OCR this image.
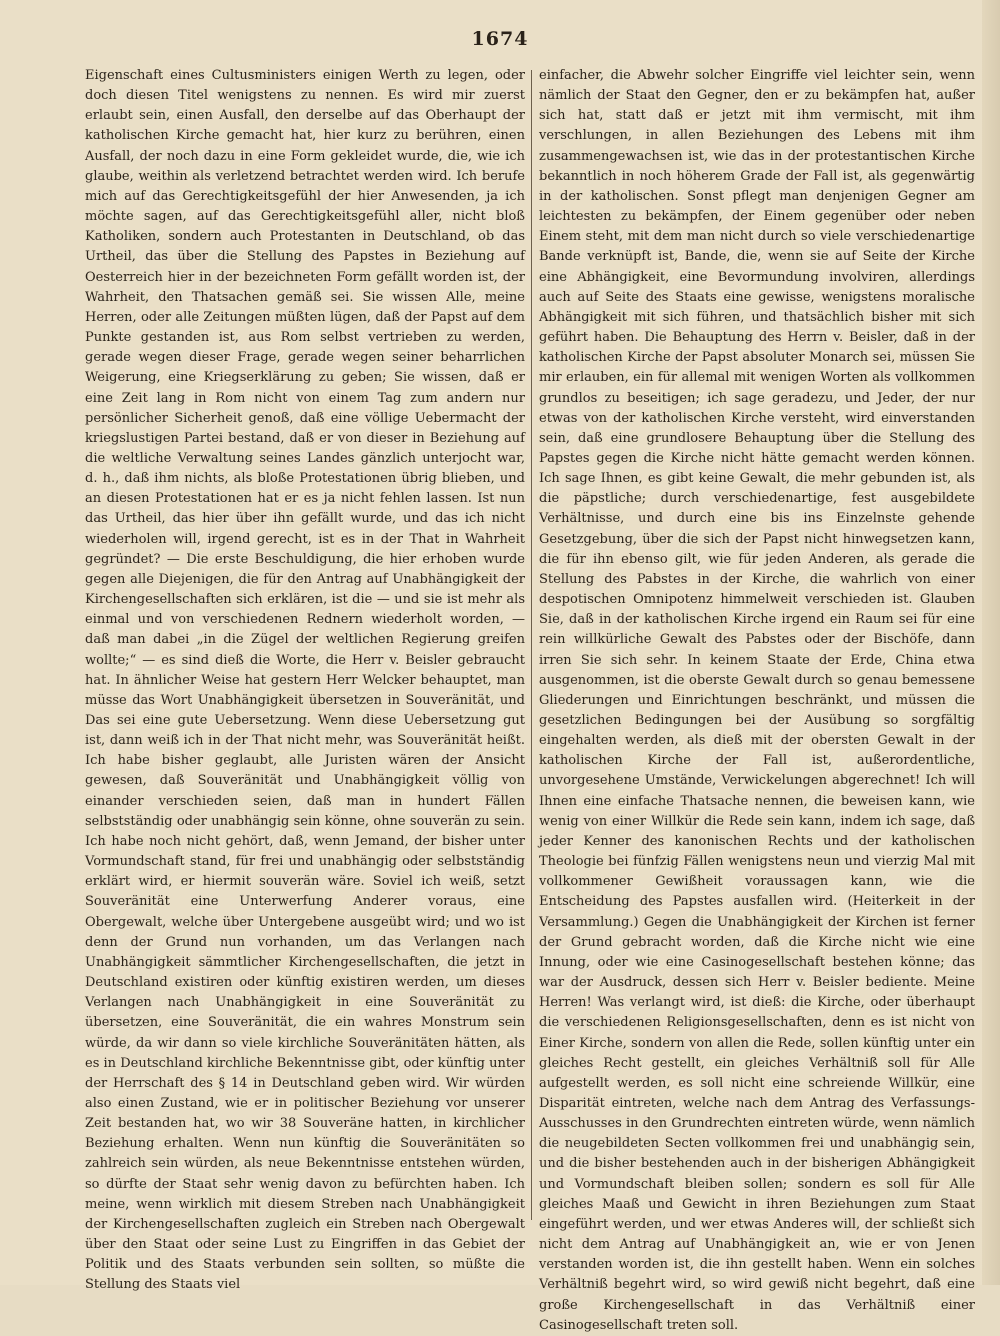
1674

Eigenschaft eines Cultusministers einigen Werth zu legen, oder doch diesen Titel wenigstens zu nennen. Es wird mir zuerst erlaubt sein, einen Ausfall, den derselbe auf das Oberhaupt der katholischen Kirche gemacht hat, hier kurz zu berühren, einen Ausfall, der noch dazu in eine Form gekleidet wurde, die, wie ich glaube, weithin als verletzend betrachtet werden wird. Ich berufe mich auf das Gerechtigkeitsgefühl der hier Anwesenden, ja ich möchte sagen, auf das Gerechtigkeitsgefühl aller, nicht bloß Katholiken, sondern auch Protestanten in Deutschland, ob das Urtheil, das über die Stellung des Papstes in Beziehung auf Oesterreich hier in der bezeichneten Form gefällt worden ist, der Wahrheit, den Thatsachen gemäß sei. Sie wissen Alle, meine Herren, oder alle Zeitungen müßten lügen, daß der Papst auf dem Punkte gestanden ist, aus Rom selbst vertrieben zu werden, gerade wegen dieser Frage, gerade wegen seiner beharrlichen Weigerung, eine Kriegserklärung zu geben; Sie wissen, daß er eine Zeit lang in Rom nicht von einem Tag zum andern nur persönlicher Sicherheit genoß, daß eine völlige Uebermacht der kriegslustigen Partei bestand, daß er von dieser in Beziehung auf die weltliche Verwaltung seines Landes gänzlich unterjocht war, d. h., daß ihm nichts, als bloße Protestationen übrig blieben, und an diesen Protestationen hat er es ja nicht fehlen lassen. Ist nun das Urtheil, das hier über ihn gefällt wurde, und das ich nicht wiederholen will, irgend gerecht, ist es in der That in Wahrheit gegründet? — Die erste Beschuldigung, die hier erhoben wurde gegen alle Diejenigen, die für den Antrag auf Unabhängigkeit der Kirchengesellschaften sich erklären, ist die — und sie ist mehr als einmal und von verschiedenen Rednern wiederholt worden, — daß man dabei „in die Zügel der weltlichen Regierung greifen wollte;“ — es sind dieß die Worte, die Herr v. Beisler gebraucht hat. In ähnlicher Weise hat gestern Herr Welcker behauptet, man müsse das Wort Unabhängigkeit übersetzen in Souveränität, und Das sei eine gute Uebersetzung. Wenn diese Uebersetzung gut ist, dann weiß ich in der That nicht mehr, was Souveränität heißt. Ich habe bisher geglaubt, alle Juristen wären der Ansicht gewesen, daß Souveränität und Unabhängigkeit völlig von einander verschieden seien, daß man in hundert Fällen selbstständig oder unabhängig sein könne, ohne souverän zu sein. Ich habe noch nicht gehört, daß, wenn Jemand, der bisher unter Vormundschaft stand, für frei und unabhängig oder selbstständig erklärt wird, er hiermit souverän wäre. Soviel ich weiß, setzt Souveränität eine Unterwerfung Anderer voraus, eine Obergewalt, welche über Untergebene ausgeübt wird; und wo ist denn der Grund nun vorhanden, um das Verlangen nach Unabhängigkeit sämmtlicher Kirchengesellschaften, die jetzt in Deutschland existiren oder künftig existiren werden, um dieses Verlangen nach Unabhängigkeit in eine Souveränität zu übersetzen, eine Souveränität, die ein wahres Monstrum sein würde, da wir dann so viele kirchliche Souveränitäten hätten, als es in Deutschland kirchliche Bekenntnisse gibt, oder künftig unter der Herrschaft des § 14 in Deutschland geben wird. Wir würden also einen Zustand, wie er in politischer Beziehung vor unserer Zeit bestanden hat, wo wir 38 Souveräne hatten, in kirchlicher Beziehung erhalten. Wenn nun künftig die Souveränitäten so zahlreich sein würden, als neue Bekenntnisse entstehen würden, so dürfte der Staat sehr wenig davon zu befürchten haben. Ich meine, wenn wirklich mit diesem Streben nach Unabhängigkeit der Kirchengesellschaften zugleich ein Streben nach Obergewalt über den Staat oder seine Lust zu Eingriffen in das Gebiet der Politik und des Staats verbunden sein sollten, so müßte die Stellung des Staats viel

einfacher, die Abwehr solcher Eingriffe viel leichter sein, wenn nämlich der Staat den Gegner, den er zu bekämpfen hat, außer sich hat, statt daß er jetzt mit ihm vermischt, mit ihm verschlungen, in allen Beziehungen des Lebens mit ihm zusammengewachsen ist, wie das in der protestantischen Kirche bekanntlich in noch höherem Grade der Fall ist, als gegenwärtig in der katholischen. Sonst pflegt man denjenigen Gegner am leichtesten zu bekämpfen, der Einem gegenüber oder neben Einem steht, mit dem man nicht durch so viele verschiedenartige Bande verknüpft ist, Bande, die, wenn sie auf Seite der Kirche eine Abhängigkeit, eine Bevormundung involviren, allerdings auch auf Seite des Staats eine gewisse, wenigstens moralische Abhängigkeit mit sich führen, und thatsächlich bisher mit sich geführt haben. Die Behauptung des Herrn v. Beisler, daß in der katholischen Kirche der Papst absoluter Monarch sei, müssen Sie mir erlauben, ein für allemal mit wenigen Worten als vollkommen grundlos zu beseitigen; ich sage geradezu, und Jeder, der nur etwas von der katholischen Kirche versteht, wird einverstanden sein, daß eine grundlosere Behauptung über die Stellung des Papstes gegen die Kirche nicht hätte gemacht werden können. Ich sage Ihnen, es gibt keine Gewalt, die mehr gebunden ist, als die päpstliche; durch verschiedenartige, fest ausgebildete Verhältnisse, und durch eine bis ins Einzelnste gehende Gesetzgebung, über die sich der Papst nicht hinwegsetzen kann, die für ihn ebenso gilt, wie für jeden Anderen, als gerade die Stellung des Pabstes in der Kirche, die wahrlich von einer despotischen Omnipotenz himmelweit verschieden ist. Glauben Sie, daß in der katholischen Kirche irgend ein Raum sei für eine rein willkürliche Gewalt des Pabstes oder der Bischöfe, dann irren Sie sich sehr. In keinem Staate der Erde, China etwa ausgenommen, ist die oberste Gewalt durch so genau bemessene Gliederungen und Einrichtungen beschränkt, und müssen die gesetzlichen Bedingungen bei der Ausübung so sorgfältig eingehalten werden, als dieß mit der obersten Gewalt in der katholischen Kirche der Fall ist, außerordentliche, unvorgesehene Umstände, Verwickelungen abgerechnet! Ich will Ihnen eine einfache Thatsache nennen, die beweisen kann, wie wenig von einer Willkür die Rede sein kann, indem ich sage, daß jeder Kenner des kanonischen Rechts und der katholischen Theologie bei fünfzig Fällen wenigstens neun und vierzig Mal mit vollkommener Gewißheit voraussagen kann, wie die Entscheidung des Papstes ausfallen wird. (Heiterkeit in der Versammlung.) Gegen die Unabhängigkeit der Kirchen ist ferner der Grund gebracht worden, daß die Kirche nicht wie eine Innung, oder wie eine Casinogesellschaft bestehen könne; das war der Ausdruck, dessen sich Herr v. Beisler bediente. Meine Herren! Was verlangt wird, ist dieß: die Kirche, oder überhaupt die verschiedenen Religionsgesellschaften, denn es ist nicht von Einer Kirche, sondern von allen die Rede, sollen künftig unter ein gleiches Recht gestellt, ein gleiches Verhältniß soll für Alle aufgestellt werden, es soll nicht eine schreiende Willkür, eine Disparität eintreten, welche nach dem Antrag des Verfassungs-Ausschusses in den Grundrechten eintreten würde, wenn nämlich die neugebildeten Secten vollkommen frei und unabhängig sein, und die bisher bestehenden auch in der bisherigen Abhängigkeit und Vormundschaft bleiben sollen; sondern es soll für Alle gleiches Maaß und Gewicht in ihren Beziehungen zum Staat eingeführt werden, und wer etwas Anderes will, der schließt sich nicht dem Antrag auf Unabhängigkeit an, wie er von Jenen verstanden worden ist, die ihn gestellt haben. Wenn ein solches Verhältniß begehrt wird, so wird gewiß nicht begehrt, daß eine große Kirchengesellschaft in das Verhältniß einer Casinogesellschaft treten soll.
